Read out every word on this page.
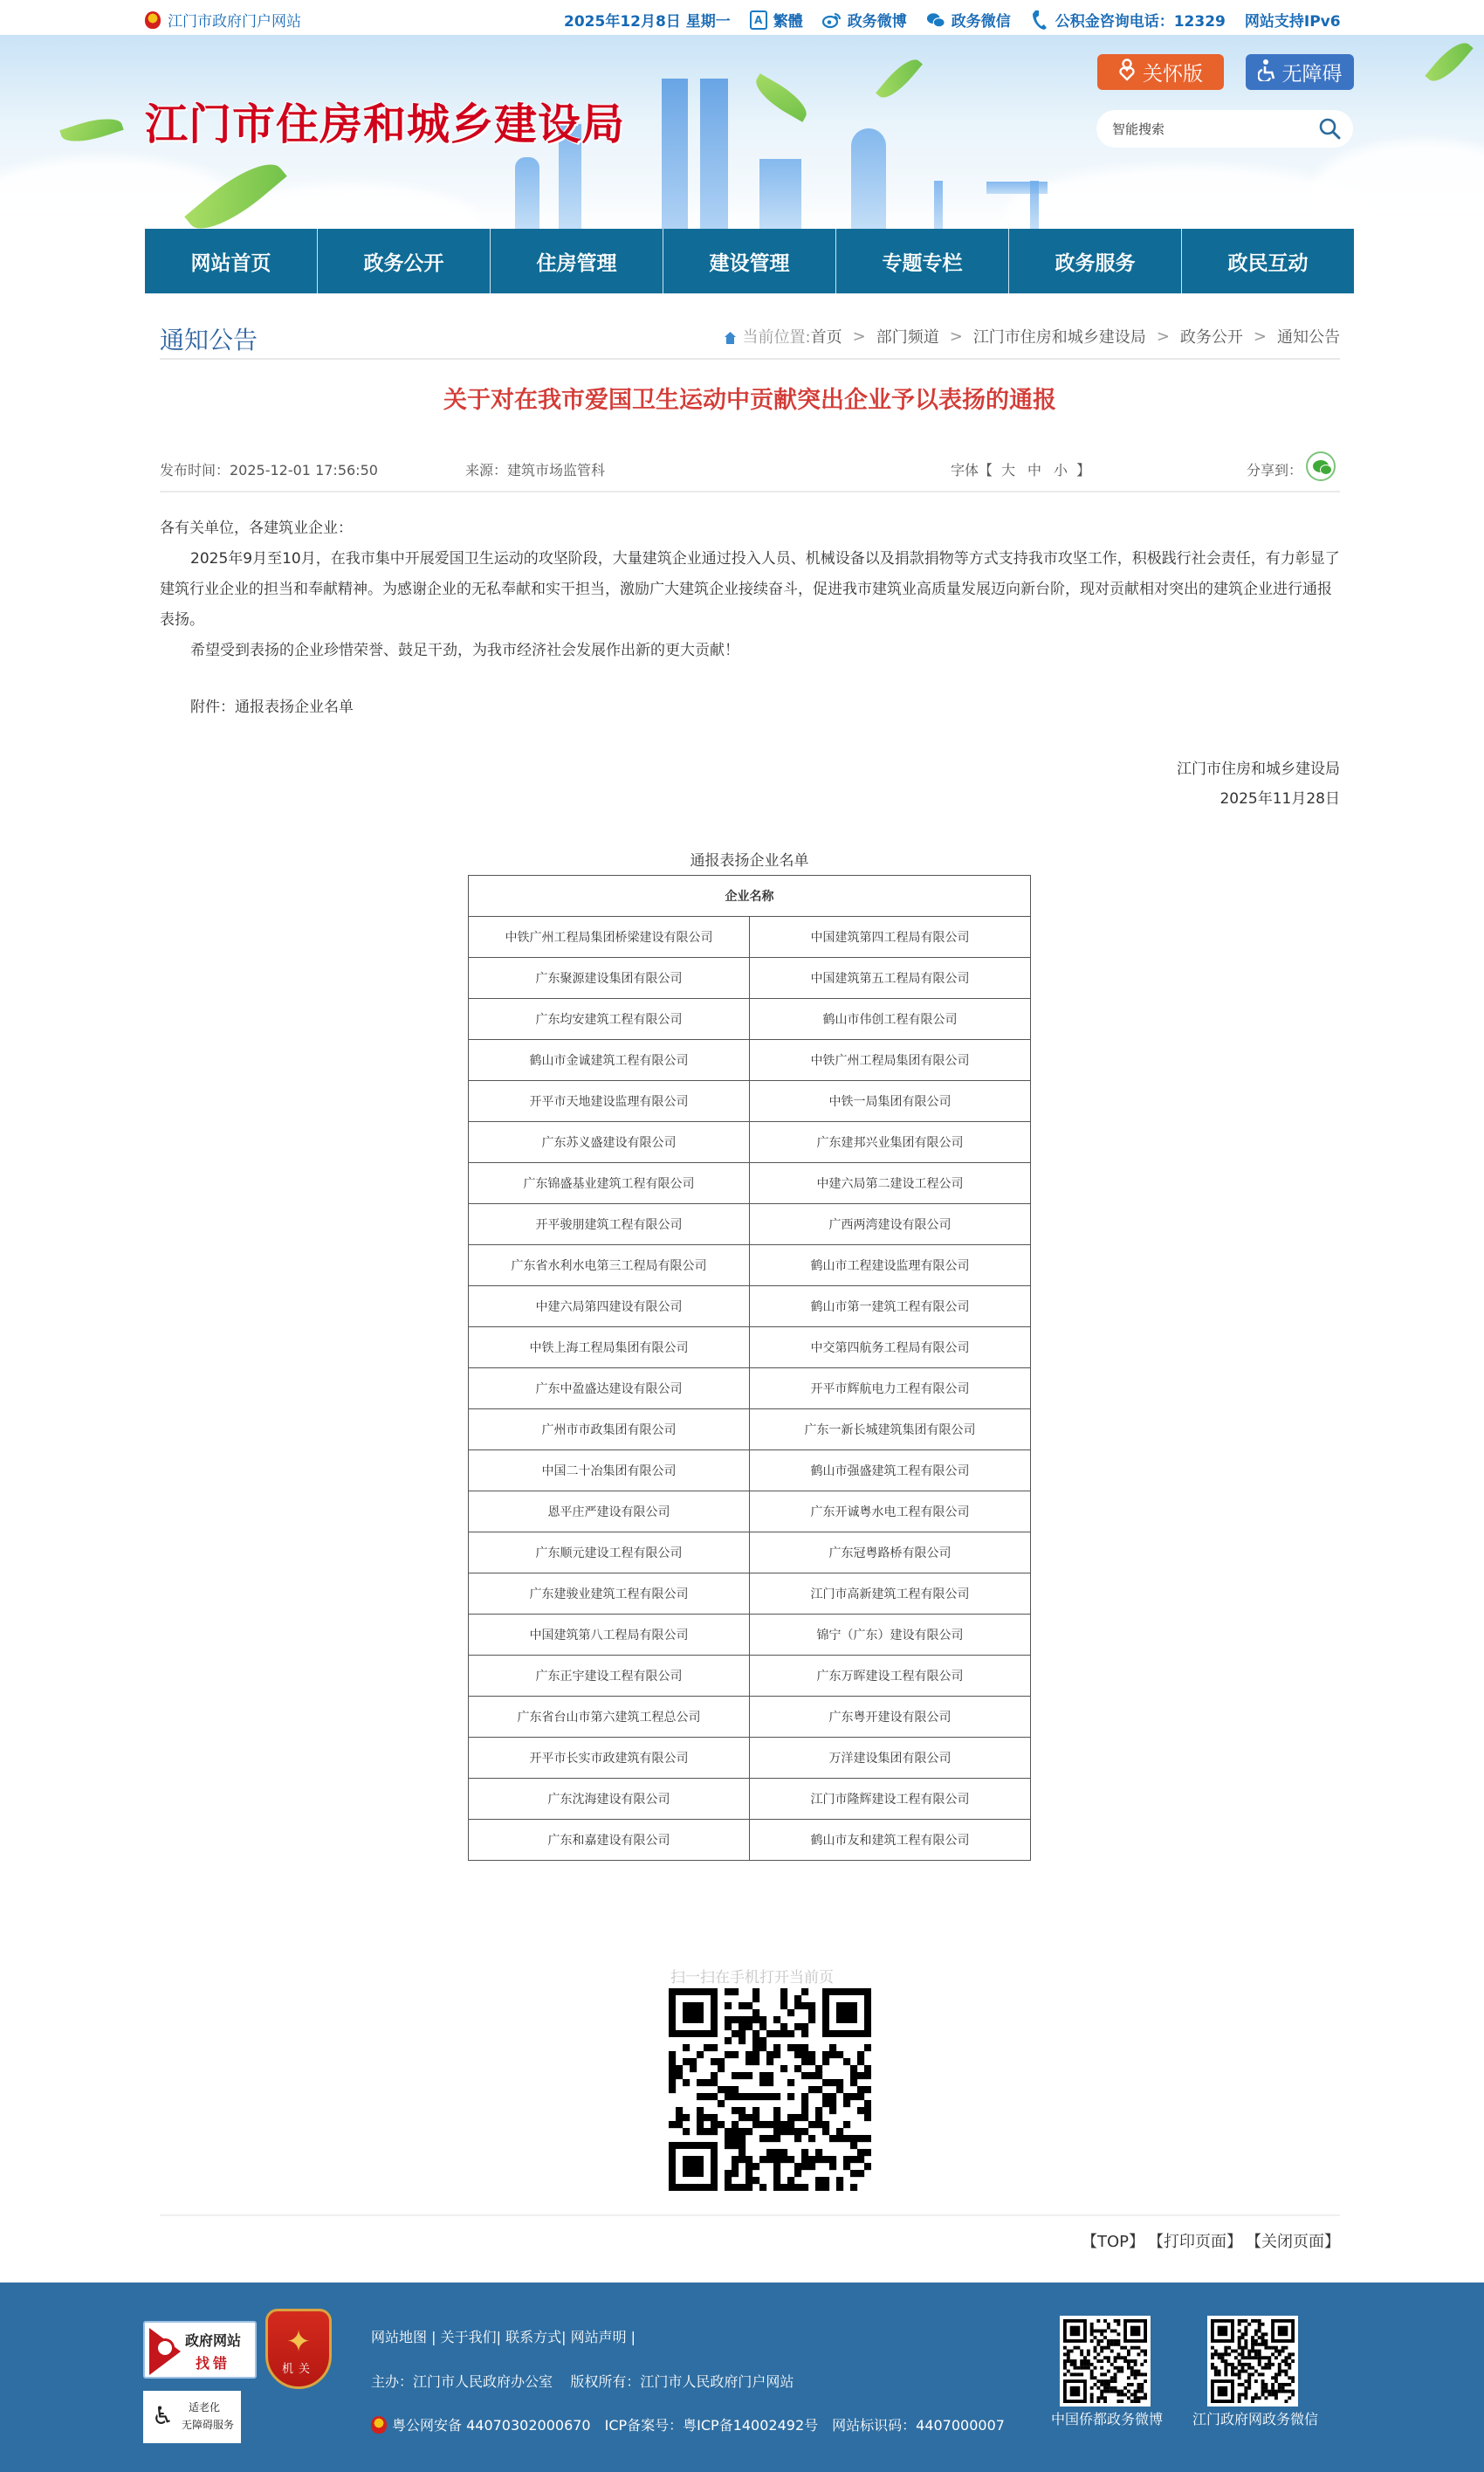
江门市政府门户网站	2025年12月8日 星期一	A 繁體	政务微博	政务微信	公积金咨询电话：12329 网站支持IPv6
江门市住房和城乡建设局
关怀版	无障碍
智能搜索
网站首页	政务公开	住房管理	建设管理	专题专栏	政务服务	政民互动
通知公告	当前位置: 首页 > 部门频道 > 江门市住房和城乡建设局 > 政务公开 > 通知公告
关于对在我市爱国卫生运动中贡献突出企业予以表扬的通报
发布时间：2025-12-01 17:56:50	来源：建筑市场监管科	字体【 大 中 小 】	分享到：

各有关单位，各建筑业企业：

2025年9月至10月，在我市集中开展爱国卫生运动的攻坚阶段，大量建筑企业通过投入人员、机械设备以及捐款捐物等方式支持我市攻坚工作，积极践行社会责任，有力彰显了建筑行业企业的担当和奉献精神。为感谢企业的无私奉献和实干担当，激励广大建筑企业接续奋斗，促进我市建筑业高质量发展迈向新台阶，现对贡献相对突出的建筑企业进行通报表扬。

希望受到表扬的企业珍惜荣誉、鼓足干劲，为我市经济社会发展作出新的更大贡献！

附件：通报表扬企业名单
江门市住房和城乡建设局
2025年11月28日
通报表扬企业名单
企业名称	
中铁广州工程局集团桥梁建设有限公司	中国建筑第四工程局有限公司
广东聚源建设集团有限公司	中国建筑第五工程局有限公司
广东均安建筑工程有限公司	鹤山市伟创工程有限公司
鹤山市金诚建筑工程有限公司	中铁广州工程局集团有限公司
开平市天地建设监理有限公司	中铁一局集团有限公司
广东苏义盛建设有限公司	广东建邦兴业集团有限公司
广东锦盛基业建筑工程有限公司	中建六局第二建设工程公司
开平骏朋建筑工程有限公司	广西两湾建设有限公司
广东省水利水电第三工程局有限公司	鹤山市工程建设监理有限公司
中建六局第四建设有限公司	鹤山市第一建筑工程有限公司
中铁上海工程局集团有限公司	中交第四航务工程局有限公司
广东中盈盛达建设有限公司	开平市辉航电力工程有限公司
广州市市政集团有限公司	广东一新长城建筑集团有限公司
中国二十冶集团有限公司	鹤山市强盛建筑工程有限公司
恩平庄严建设有限公司	广东开诚粤水电工程有限公司
广东顺元建设工程有限公司	广东冠粤路桥有限公司
广东建骏业建筑工程有限公司	江门市高新建筑工程有限公司
中国建筑第八工程局有限公司	锦宁（广东）建设有限公司
广东正宇建设工程有限公司	广东万晖建设工程有限公司
广东省台山市第六建筑工程总公司	广东粤开建设有限公司
开平市长实市政建筑有限公司	万洋建设集团有限公司
广东沈海建设有限公司	江门市隆辉建设工程有限公司
广东和嘉建设有限公司	鹤山市友和建筑工程有限公司
扫一扫在手机打开当前页
【TOP】 【打印页面】 【关闭页面】
政府网站
找错
✦
机关
♿ 适老化
无障碍服务
网站地图 | 关于我们| 联系方式| 网站声明 |
主办：江门市人民政府办公室 版权所有：江门市人民政府门户网站
粤公网安备 44070302000670 ICP备案号：粤ICP备14002492号 网站标识码：4407000007	中国侨都政务微博 江门政府网政务微信
